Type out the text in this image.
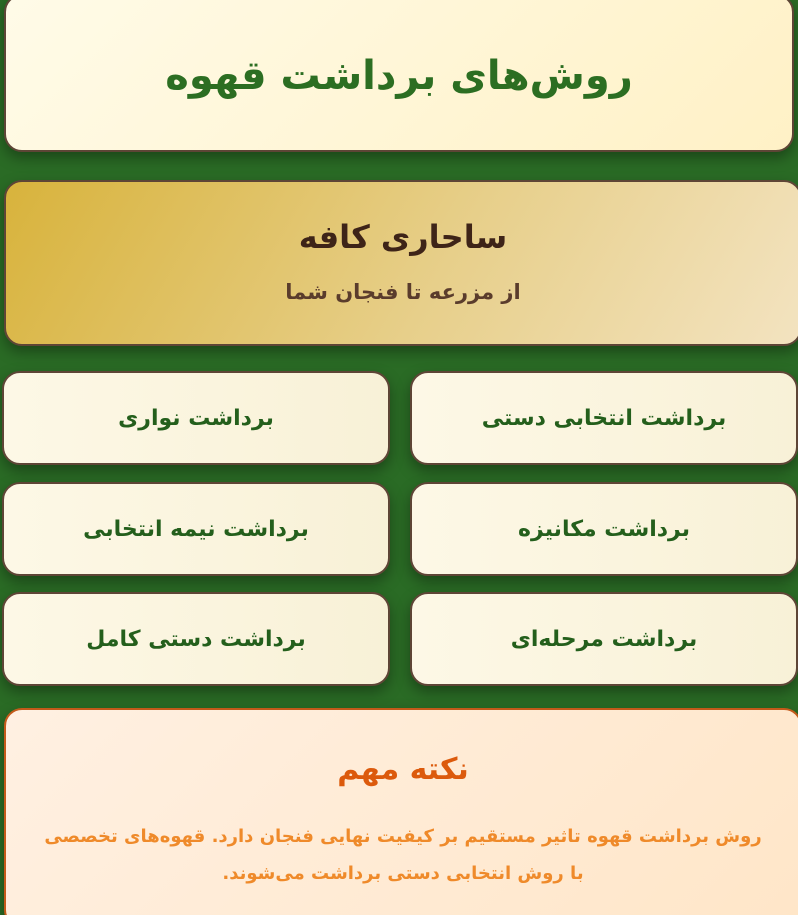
روش‌های برداشت قهوه
ساحاری کافه
از مزرعه تا فنجان شما
برداشت انتخابی دستی
برداشت نواری
برداشت مکانیزه
برداشت نیمه انتخابی
برداشت مرحله‌ای
برداشت دستی کامل
نکته مهم

روش برداشت قهوه تاثیر مستقیم بر کیفیت نهایی فنجان دارد. قهوه‌های تخصصی با روش انتخابی دستی برداشت می‌شوند.
